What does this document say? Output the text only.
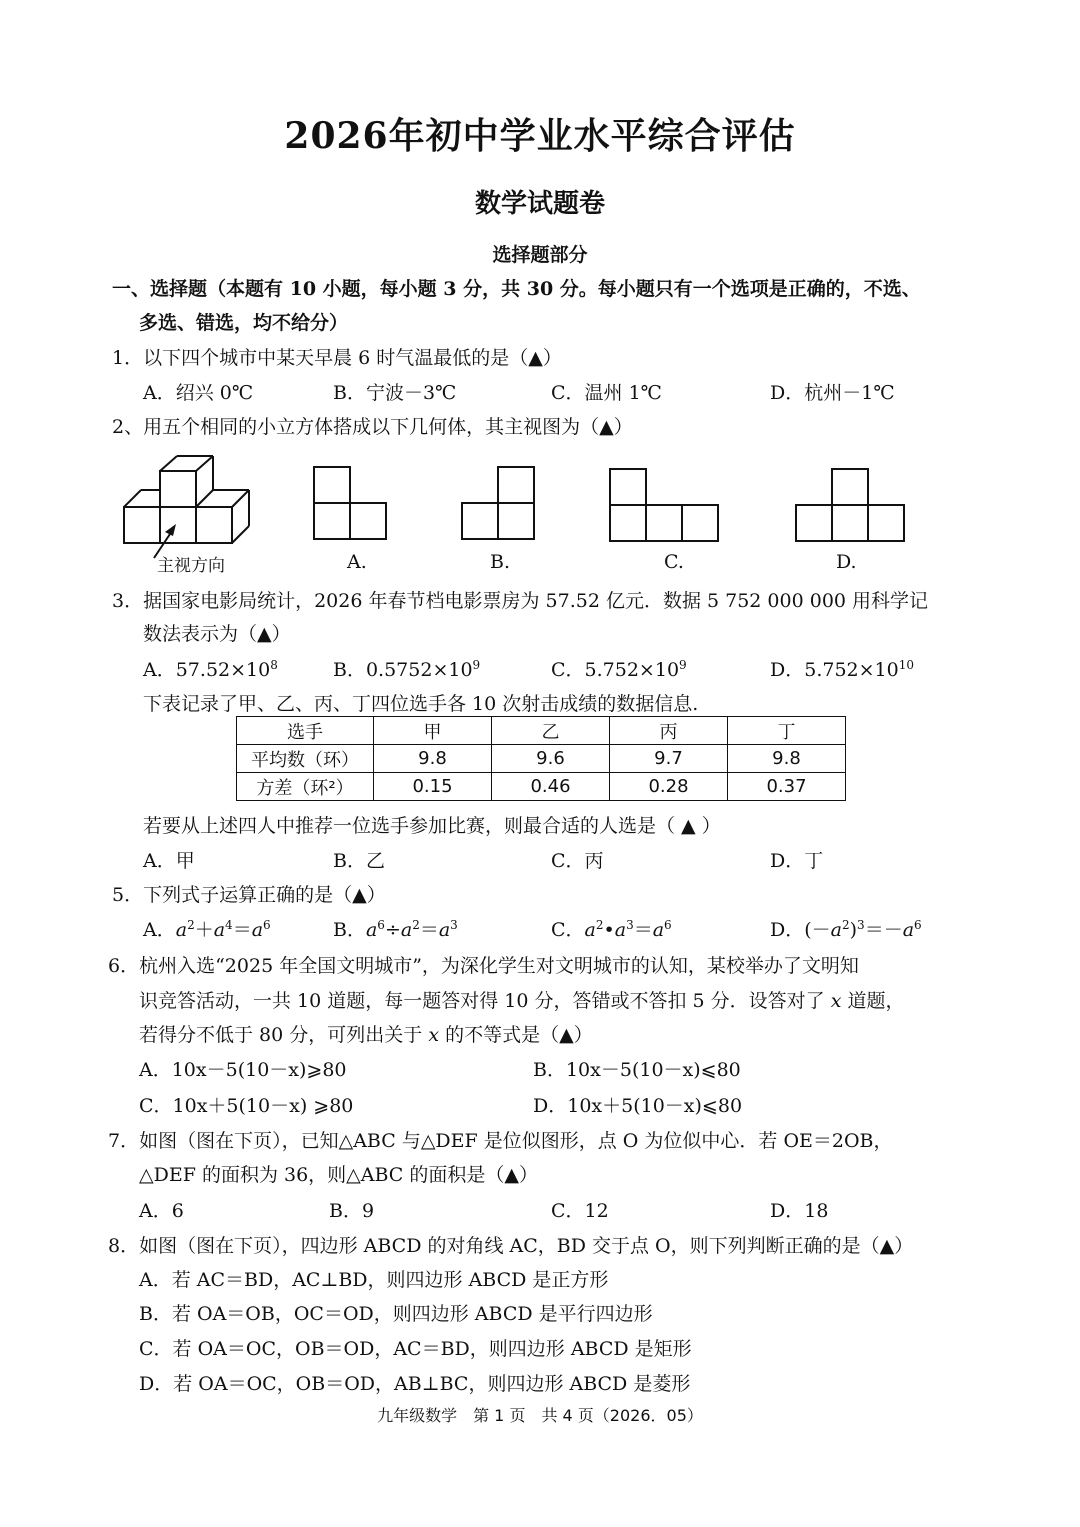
2026年初中学业水平综合评估
数学试题卷
选择题部分
一、选择题（本题有 10 小题，每小题 3 分，共 30 分。每小题只有一个选项是正确的，不选、
多选、错选，均不给分）
1．以下四个城市中某天早晨 6 时气温最低的是（▲）
A．绍兴 0℃	B．宁波－3℃	C．温州 1℃	D．杭州－1℃
2、用五个相同的小立方体搭成以下几何体，其主视图为（▲）
主视方向	A.	B.	C.	D.
3．据国家电影局统计，2026 年春节档电影票房为 57.52 亿元．数据 5 752 000 000 用科学记
数法表示为（▲）
A．$57.52\times 10^8$	B．$0.5752\times 10^9$	C．$5.752\times 10^9$	D．$5.752\times 10^{10}$
下表记录了甲、乙、丙、丁四位选手各 10 次射击成绩的数据信息.
选手	甲	乙	丙	丁
平均数（环）	9.8	9.6	9.7	9.8
方差（环²）	0.15	0.46	0.28	0.37
若要从上述四人中推荐一位选手参加比赛，则最合适的人选是（ ▲ ）
A．甲	B．乙	C．丙	D．丁
5．下列式子运算正确的是（▲）
A．$a^2+a^4=a^6$	B．$a^6\div a^2=a^3$	C．$a^2•a^3=a^6$	D．$(-a^2)^3=-a^6$
6．杭州入选“2025 年全国文明城市”，为深化学生对文明城市的认知，某校举办了文明知
识竞答活动，一共 10 道题，每一题答对得 10 分，答错或不答扣 5 分．设答对了 x 道题，
若得分不低于 80 分，可列出关于 x 的不等式是（▲）
A．10x－5(10－x)⩾80	B．10x－5(10－x)⩽80
C．10x＋5(10－x) ⩾80	D．10x＋5(10－x)⩽80
7．如图（图在下页），已知△ABC 与△DEF 是位似图形，点 O 为位似中心．若 OE＝2OB，
△DEF 的面积为 36，则△ABC 的面积是（▲）
A．6	B．9	C．12	D．18
8．如图（图在下页），四边形 ABCD 的对角线 AC，BD 交于点 O，则下列判断正确的是（▲）
A．若 AC＝BD，AC⊥BD，则四边形 ABCD 是正方形
B．若 OA＝OB，OC＝OD，则四边形 ABCD 是平行四边形
C．若 OA＝OC，OB＝OD，AC＝BD，则四边形 ABCD 是矩形
D．若 OA＝OC，OB＝OD，AB⊥BC，则四边形 ABCD 是菱形
九年级数学　第 1 页　共 4 页（2026．05）
